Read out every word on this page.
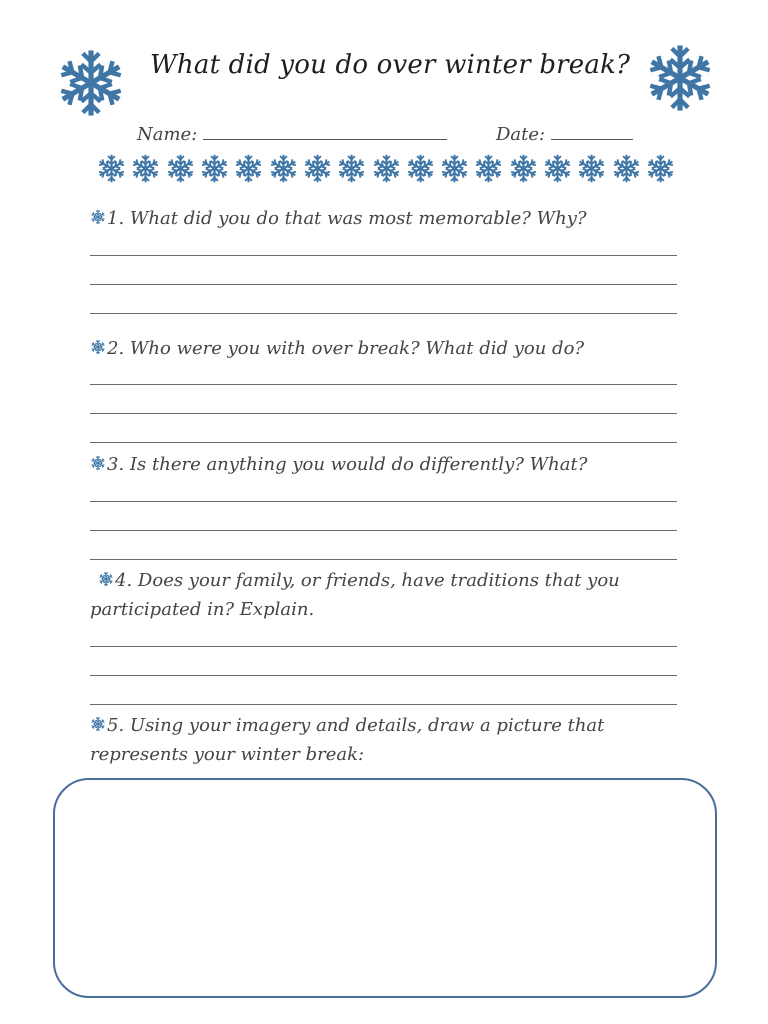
What did you do over winter break?
Name:	Date:
1. What did you do that was most memorable? Why?
2. Who were you with over break? What did you do?
3. Is there anything you would do differently? What?
4. Does your family, or friends, have traditions that you
participated in? Explain.
5. Using your imagery and details, draw a picture that
represents your winter break:
